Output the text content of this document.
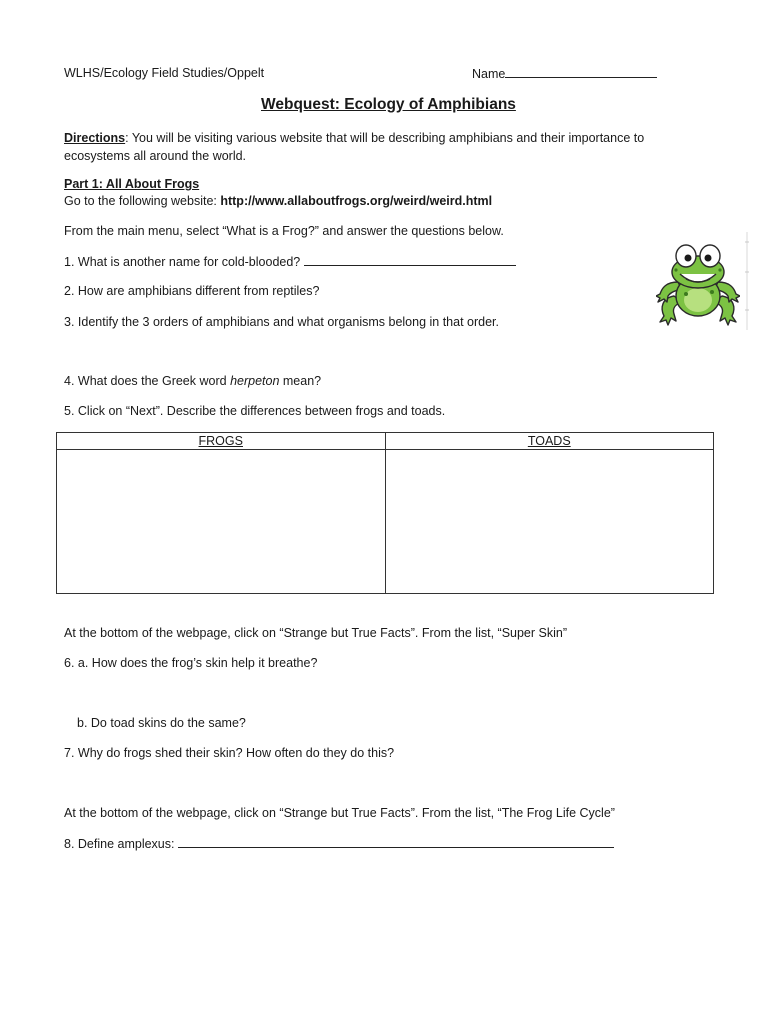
WLHS/Ecology Field Studies/Oppelt	Name
Webquest: Ecology of Amphibians
Directions: You will be visiting various website that will be describing amphibians and their importance to
ecosystems all around the world.
Part 1: All About Frogs
Go to the following website: http://www.allaboutfrogs.org/weird/weird.html
From the main menu, select “What is a Frog?” and answer the questions below.
1. What is another name for cold-blooded?
2. How are amphibians different from reptiles?
3. Identify the 3 orders of amphibians and what organisms belong in that order.
4. What does the Greek word herpeton mean?
5. Click on “Next”. Describe the differences between frogs and toads.
FROGS	TOADS

At the bottom of the webpage, click on “Strange but True Facts”. From the list, “Super Skin”
6. a. How does the frog’s skin help it breathe?
b. Do toad skins do the same?
7. Why do frogs shed their skin? How often do they do this?
At the bottom of the webpage, click on “Strange but True Facts”. From the list, “The Frog Life Cycle”
8. Define amplexus:
